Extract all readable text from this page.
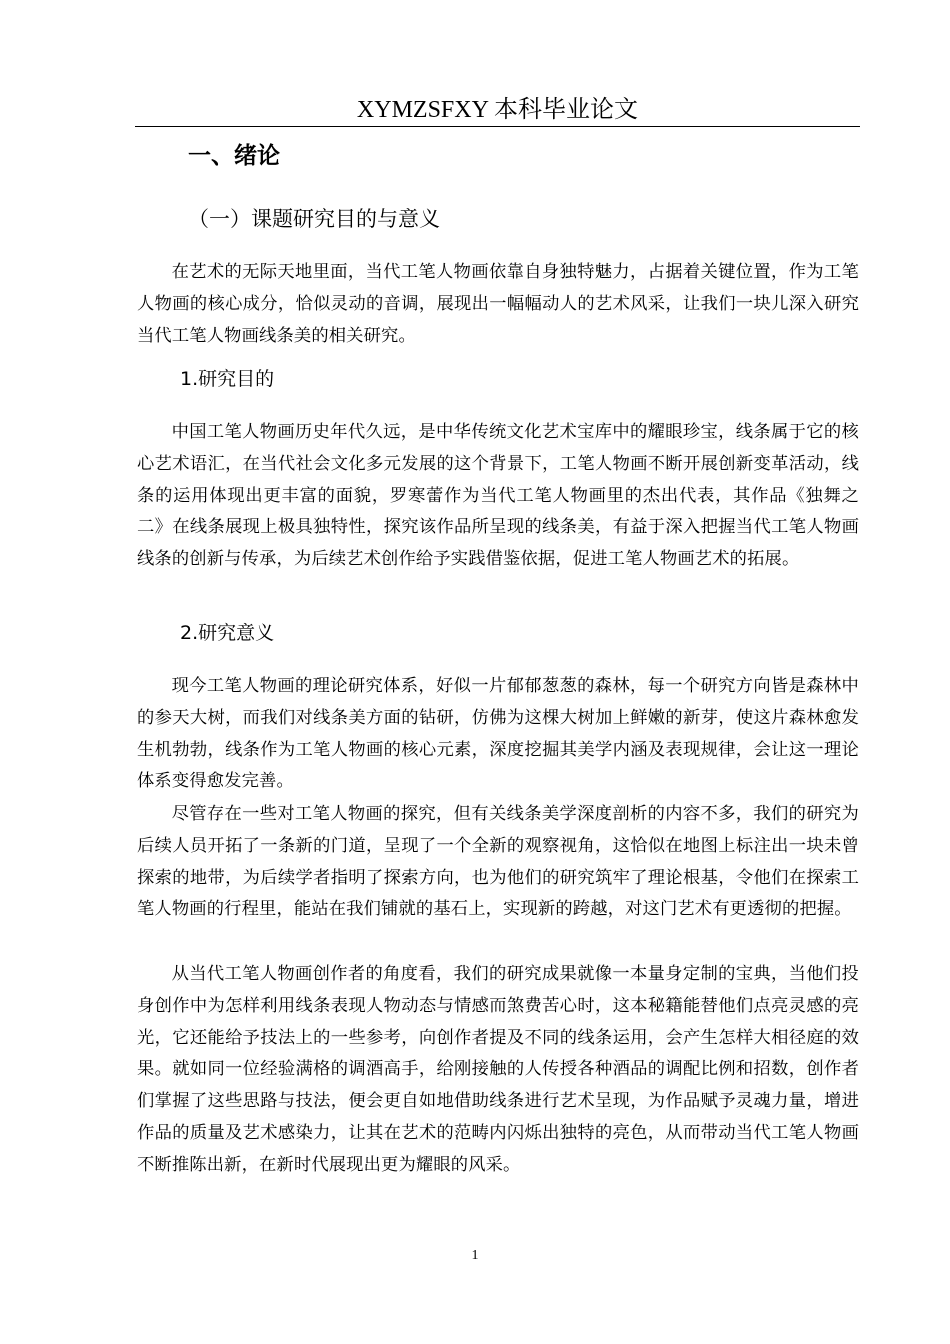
XYMZSFXY 本科毕业论文
一、绪论
（一）课题研究目的与意义

在艺术的无际天地里面，当代工笔人物画依靠自身独特魅力，占据着关键位置，作为工笔人物画的核心成分，恰似灵动的音调，展现出一幅幅动人的艺术风采，让我们一块儿深入研究当代工笔人物画线条美的相关研究。

1.研究目的

中国工笔人物画历史年代久远，是中华传统文化艺术宝库中的耀眼珍宝，线条属于它的核心艺术语汇，在当代社会文化多元发展的这个背景下，工笔人物画不断开展创新变革活动，线条的运用体现出更丰富的面貌，罗寒蕾作为当代工笔人物画里的杰出代表，其作品《独舞之二》在线条展现上极具独特性，探究该作品所呈现的线条美，有益于深入把握当代工笔人物画线条的创新与传承，为后续艺术创作给予实践借鉴依据，促进工笔人物画艺术的拓展。

2.研究意义

现今工笔人物画的理论研究体系，好似一片郁郁葱葱的森林，每一个研究方向皆是森林中的参天大树，而我们对线条美方面的钻研，仿佛为这棵大树加上鲜嫩的新芽，使这片森林愈发生机勃勃，线条作为工笔人物画的核心元素，深度挖掘其美学内涵及表现规律，会让这一理论体系变得愈发完善。

尽管存在一些对工笔人物画的探究，但有关线条美学深度剖析的内容不多，我们的研究为后续人员开拓了一条新的门道，呈现了一个全新的观察视角，这恰似在地图上标注出一块未曾探索的地带，为后续学者指明了探索方向，也为他们的研究筑牢了理论根基，令他们在探索工笔人物画的行程里，能站在我们铺就的基石上，实现新的跨越，对这门艺术有更透彻的把握。

从当代工笔人物画创作者的角度看，我们的研究成果就像一本量身定制的宝典，当他们投身创作中为怎样利用线条表现人物动态与情感而煞费苦心时，这本秘籍能替他们点亮灵感的亮光，它还能给予技法上的一些参考，向创作者提及不同的线条运用，会产生怎样大相径庭的效果。就如同一位经验满格的调酒高手，给刚接触的人传授各种酒品的调配比例和招数，创作者们掌握了这些思路与技法，便会更自如地借助线条进行艺术呈现，为作品赋予灵魂力量，增进作品的质量及艺术感染力，让其在艺术的范畴内闪烁出独特的亮色，从而带动当代工笔人物画不断推陈出新，在新时代展现出更为耀眼的风采。

1
